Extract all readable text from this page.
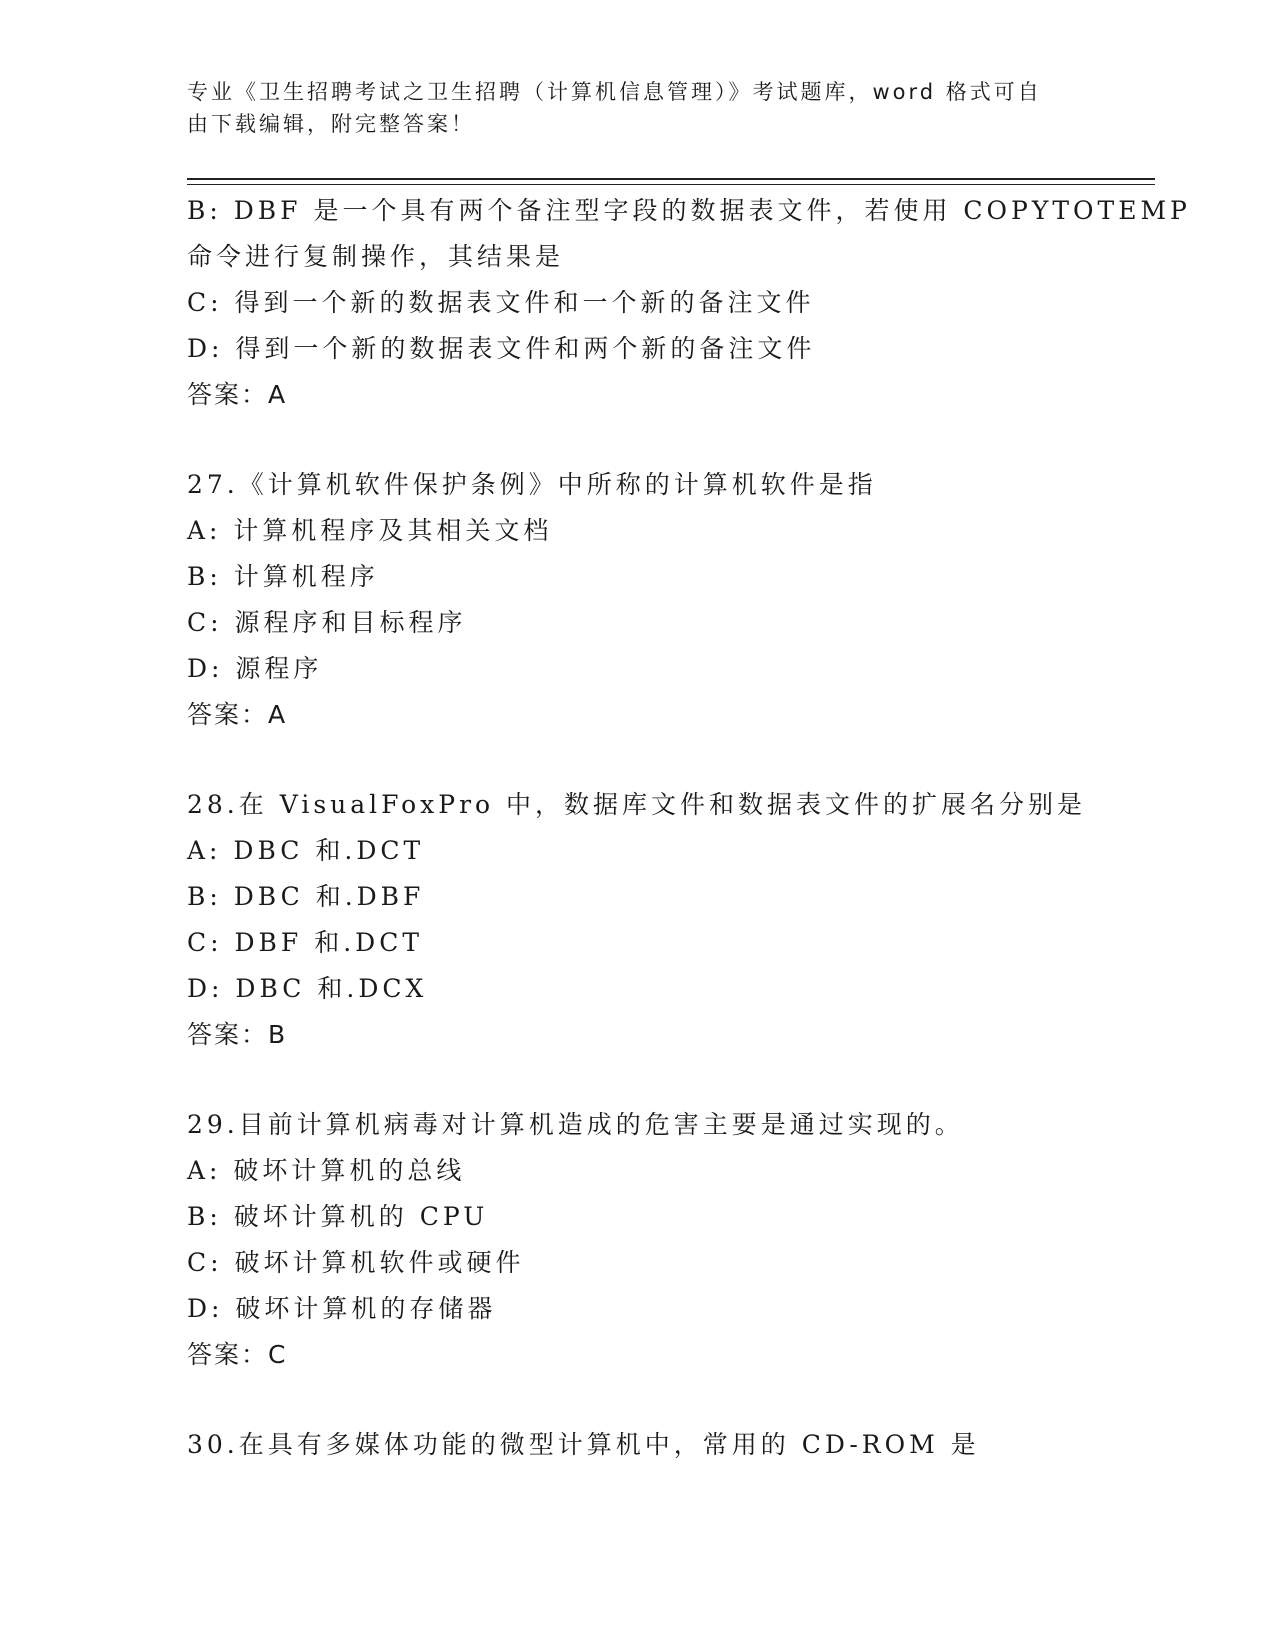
专业《卫生招聘考试之卫生招聘（计算机信息管理）》考试题库，word 格式可自
由下载编辑，附完整答案！
B: DBF 是一个具有两个备注型字段的数据表文件，若使用 COPYTOTEMP
命令进行复制操作，其结果是
C: 得到一个新的数据表文件和一个新的备注文件
D: 得到一个新的数据表文件和两个新的备注文件
答案：A
27.《计算机软件保护条例》中所称的计算机软件是指
A: 计算机程序及其相关文档
B: 计算机程序
C: 源程序和目标程序
D: 源程序
答案：A
28.在 VisualFoxPro 中，数据库文件和数据表文件的扩展名分别是
A: DBC 和.DCT
B: DBC 和.DBF
C: DBF 和.DCT
D: DBC 和.DCX
答案：B
29.目前计算机病毒对计算机造成的危害主要是通过实现的。
A: 破坏计算机的总线
B: 破坏计算机的 CPU
C: 破坏计算机软件或硬件
D: 破坏计算机的存储器
答案：C
30.在具有多媒体功能的微型计算机中，常用的 CD-ROM 是
